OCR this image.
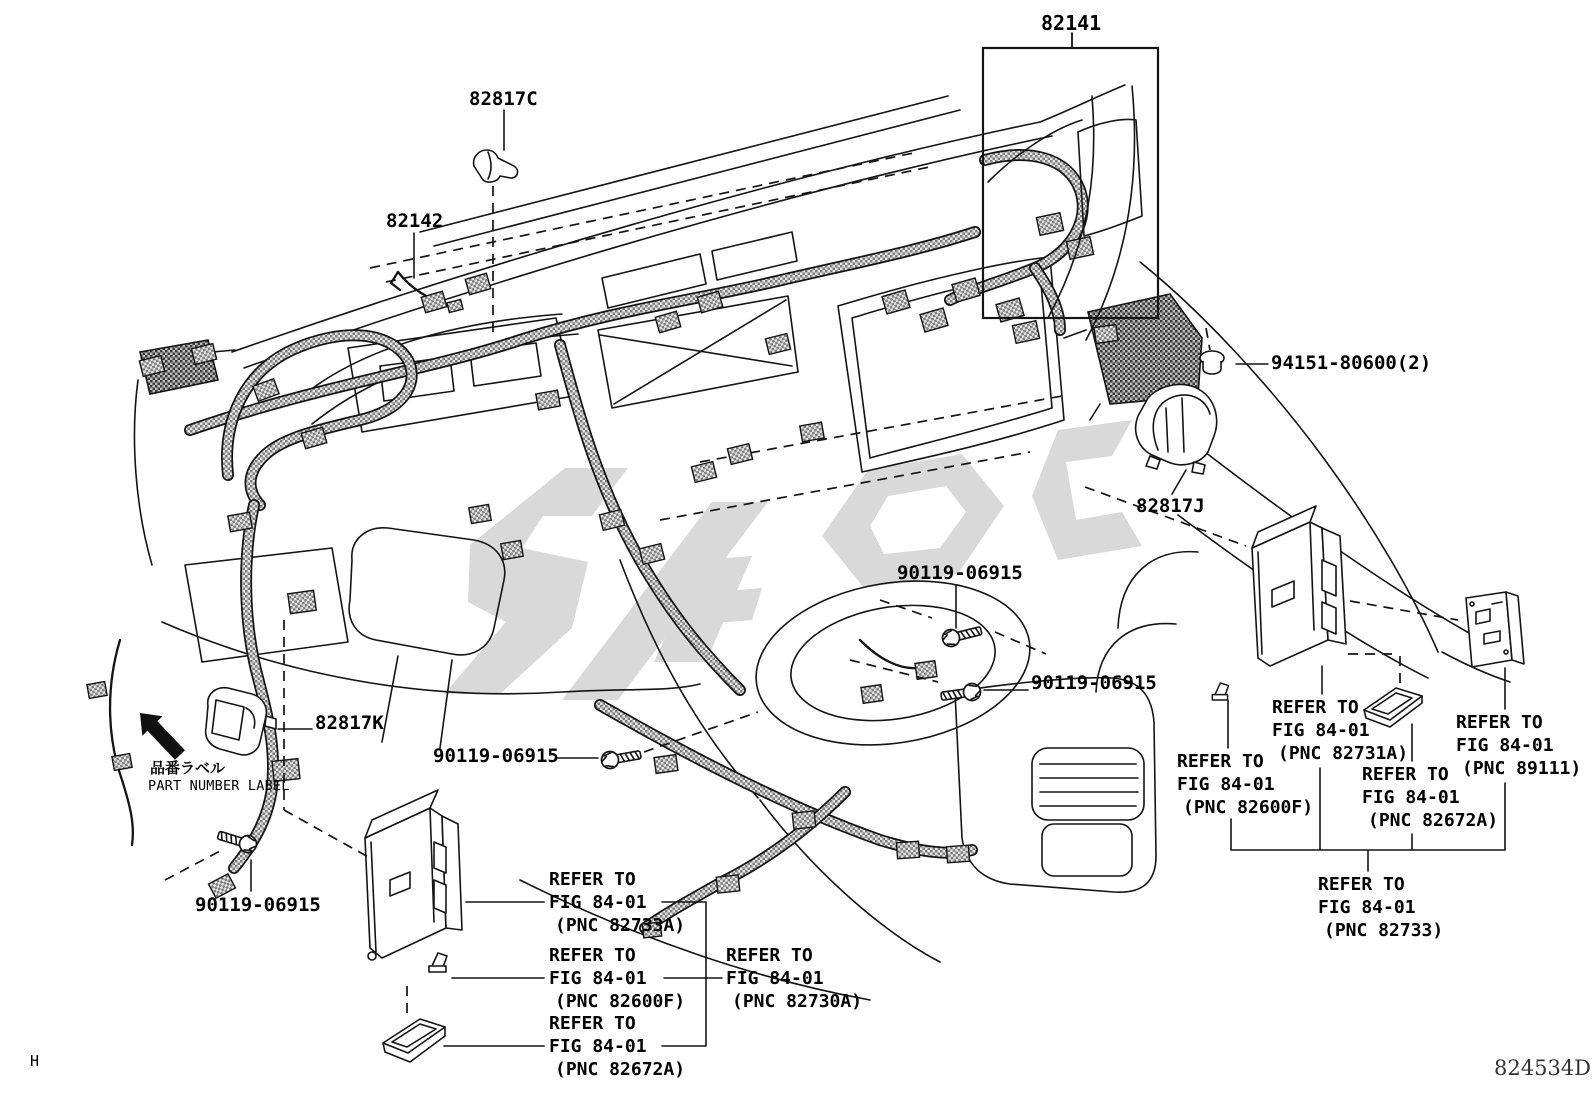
82141
82817C
82142
94151-80600(2)
82817J
90119-06915
90119-06915
90119-06915
90119-06915
82817K
品番ラベル
PART NUMBER LABEL
REFER TO
FIG 84-01
(PNC 82733A)
REFER TO
FIG 84-01
(PNC 82600F)
REFER TO
FIG 84-01
(PNC 82672A)
REFER TO
FIG 84-01
(PNC 82730A)
REFER TO
FIG 84-01
(PNC 82731A)
REFER TO
FIG 84-01
(PNC 82600F)
REFER TO
FIG 84-01
(PNC 82672A)
REFER TO
FIG 84-01
(PNC 89111)
REFER TO
FIG 84-01
(PNC 82733)
H	824534D
